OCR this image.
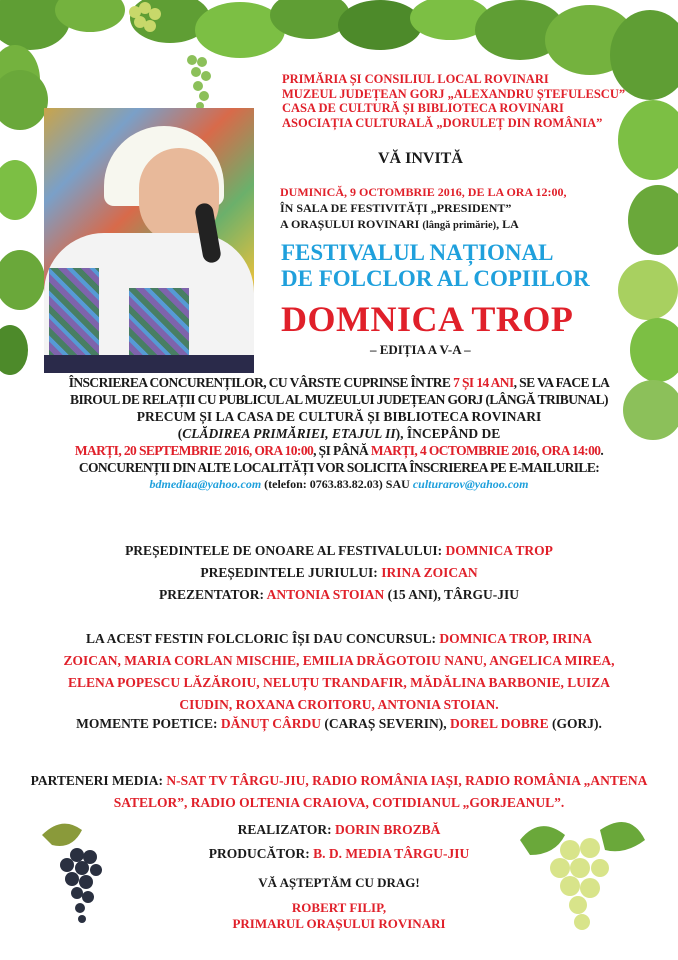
PRIMĂRIA ȘI CONSILIUL LOCAL ROVINARI
MUZEUL JUDEȚEAN GORJ „ALEXANDRU ȘTEFULESCU”
CASA DE CULTURĂ ȘI BIBLIOTECA ROVINARI
ASOCIAȚIA CULTURALĂ „DORULEȚ DIN ROMÂNIA”
VĂ INVITĂ
DUMINICĂ, 9 OCTOMBRIE 2016, DE LA ORA 12:00,
ÎN SALA DE FESTIVITĂȚI „PRESIDENT”
A ORAȘULUI ROVINARI (lângă primărie), LA
FESTIVALUL NAȚIONAL
DE FOLCLOR AL COPIILOR
DOMNICA TROP
– EDIȚIA A V-A –
ÎNSCRIEREA CONCURENȚILOR, CU VÂRSTE CUPRINSE ÎNTRE 7 ȘI 14 ANI, SE VA FACE LA
BIROUL DE RELAȚII CU PUBLICUL AL MUZEULUI JUDEȚEAN GORJ (LÂNGĂ TRIBUNAL)
PRECUM ȘI LA CASA DE CULTURĂ ȘI BIBLIOTECA ROVINARI
(CLĂDIREA PRIMĂRIEI, ETAJUL II), ÎNCEPÂND DE
MARȚI, 20 SEPTEMBRIE 2016, ORA 10:00, ȘI PÂNĂ MARȚI, 4 OCTOMBRIE 2016, ORA 14:00.
CONCURENȚII DIN ALTE LOCALITĂȚI VOR SOLICITA ÎNSCRIEREA PE E-MAILURILE:
bdmediaa@yahoo.com (telefon: 0763.83.82.03) SAU culturarov@yahoo.com
PREȘEDINTELE DE ONOARE AL FESTIVALULUI: DOMNICA TROP
PREȘEDINTELE JURIULUI: IRINA ZOICAN
PREZENTATOR: ANTONIA STOIAN (15 ANI), TÂRGU-JIU
LA ACEST FESTIN FOLCLORIC ÎȘI DAU CONCURSUL: DOMNICA TROP, IRINA ZOICAN, MARIA CORLAN MISCHIE, EMILIA DRĂGOTOIU NANU, ANGELICA MIREA, ELENA POPESCU LĂZĂROIU, NELUȚU TRANDAFIR, MĂDĂLINA BARBONIE, LUIZA CIUDIN, ROXANA CROITORU, ANTONIA STOIAN.
MOMENTE POETICE: DĂNUȚ CÂRDU (CARAȘ SEVERIN), DOREL DOBRE (GORJ).
PARTENERI MEDIA: N-SAT TV TÂRGU-JIU, RADIO ROMÂNIA IAȘI, RADIO ROMÂNIA „ANTENA SATELOR”, RADIO OLTENIA CRAIOVA, COTIDIANUL „GORJEANUL”.
REALIZATOR: DORIN BROZBĂ
PRODUCĂTOR: B. D. MEDIA TÂRGU-JIU
VĂ AȘTEPTĂM CU DRAG!
ROBERT FILIP,
PRIMARUL ORAȘULUI ROVINARI
